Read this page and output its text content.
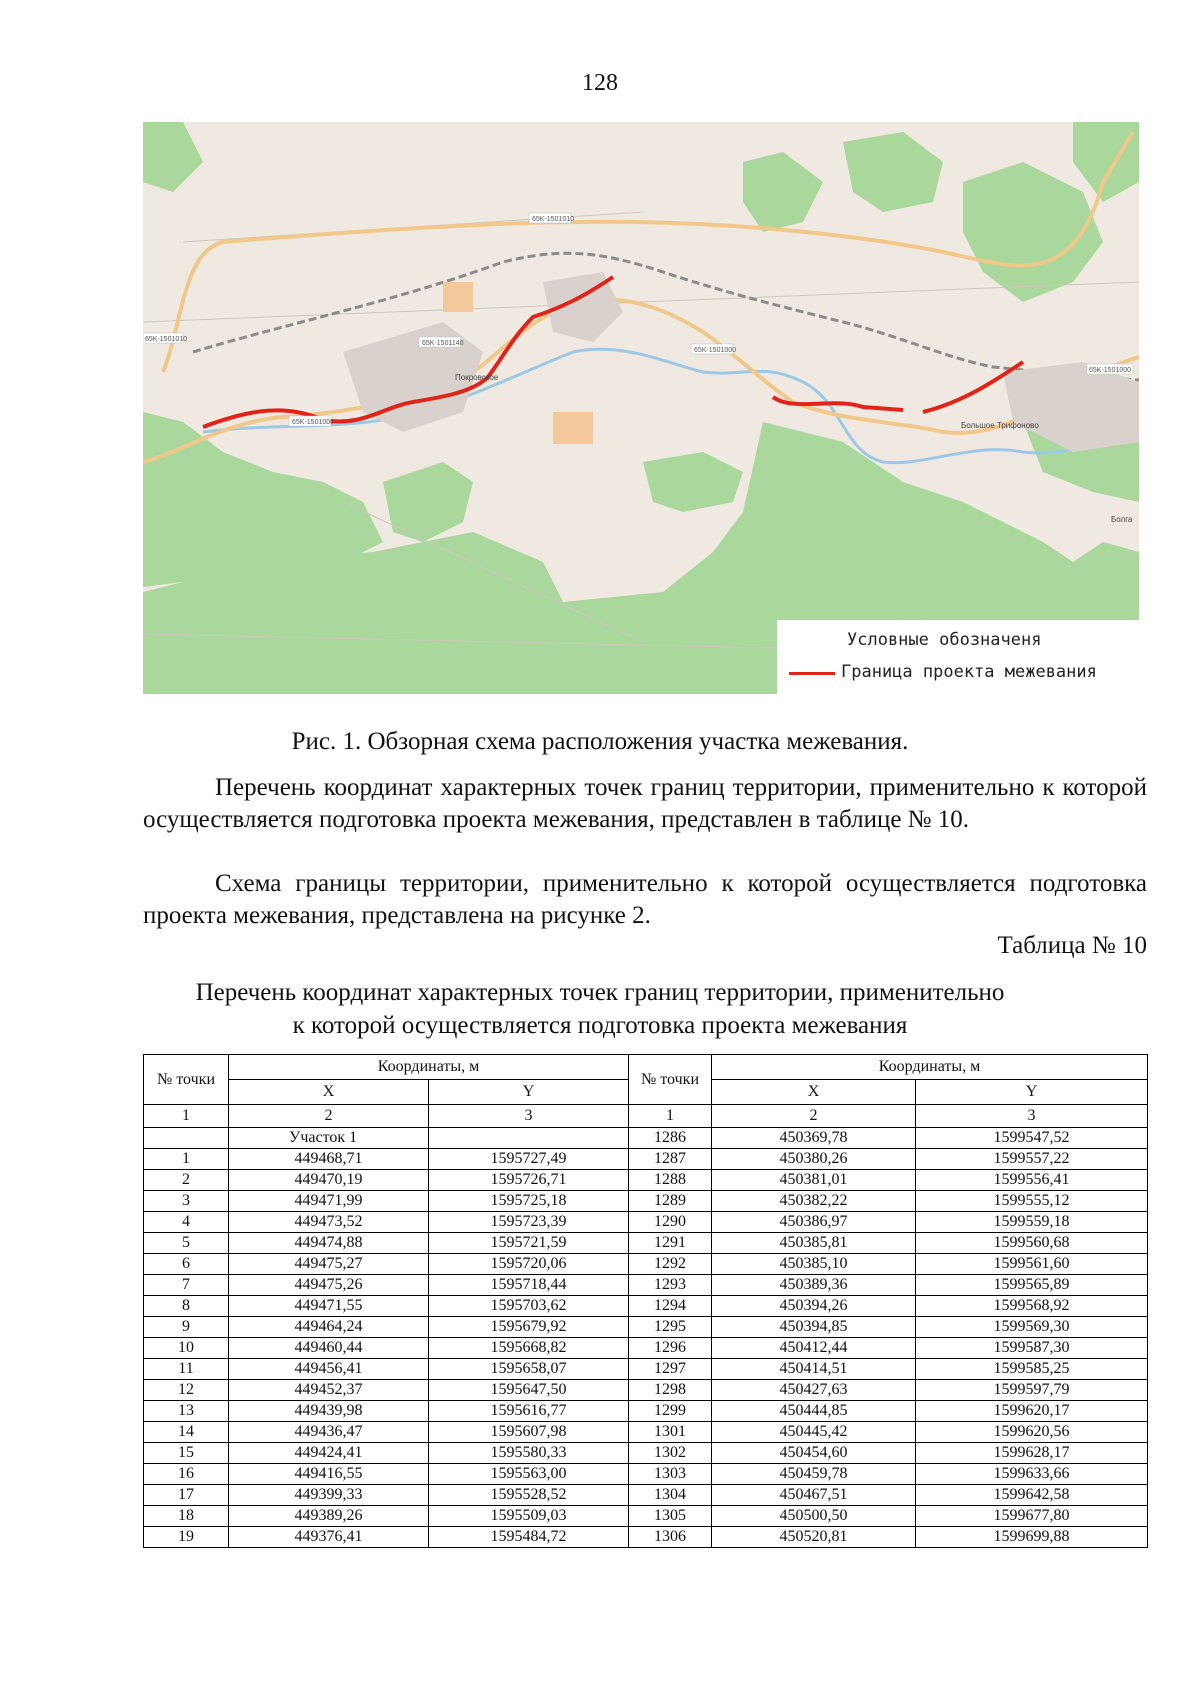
128
65K-1501010
65K-1501010
65K-1501140
65K-1501000
65K-1501000
65K-1501000
Покровское
Большое Трифоново
Болга
Условные обозначеня
Граница проекта межевания
Рис. 1. Обзорная схема расположения участка межевания.

Перечень координат характерных точек границ территории, применительно к которой осуществляется подготовка проекта межевания, представлен в таблице № 10.

Схема границы территории, применительно к которой осуществляется подготовка проекта межевания, представлена на рисунке 2.

Таблица № 10
Перечень координат характерных точек границ территории, применительно
к которой осуществляется подготовка проекта межевания
№ точки	Координаты, м		№ точки	Координаты, м	
	X	Y		X	Y
1	2	3	1	2	3
	Участок 1		1286	450369,78	1599547,52
1	449468,71	1595727,49	1287	450380,26	1599557,22
2	449470,19	1595726,71	1288	450381,01	1599556,41
3	449471,99	1595725,18	1289	450382,22	1599555,12
4	449473,52	1595723,39	1290	450386,97	1599559,18
5	449474,88	1595721,59	1291	450385,81	1599560,68
6	449475,27	1595720,06	1292	450385,10	1599561,60
7	449475,26	1595718,44	1293	450389,36	1599565,89
8	449471,55	1595703,62	1294	450394,26	1599568,92
9	449464,24	1595679,92	1295	450394,85	1599569,30
10	449460,44	1595668,82	1296	450412,44	1599587,30
11	449456,41	1595658,07	1297	450414,51	1599585,25
12	449452,37	1595647,50	1298	450427,63	1599597,79
13	449439,98	1595616,77	1299	450444,85	1599620,17
14	449436,47	1595607,98	1301	450445,42	1599620,56
15	449424,41	1595580,33	1302	450454,60	1599628,17
16	449416,55	1595563,00	1303	450459,78	1599633,66
17	449399,33	1595528,52	1304	450467,51	1599642,58
18	449389,26	1595509,03	1305	450500,50	1599677,80
19	449376,41	1595484,72	1306	450520,81	1599699,88
